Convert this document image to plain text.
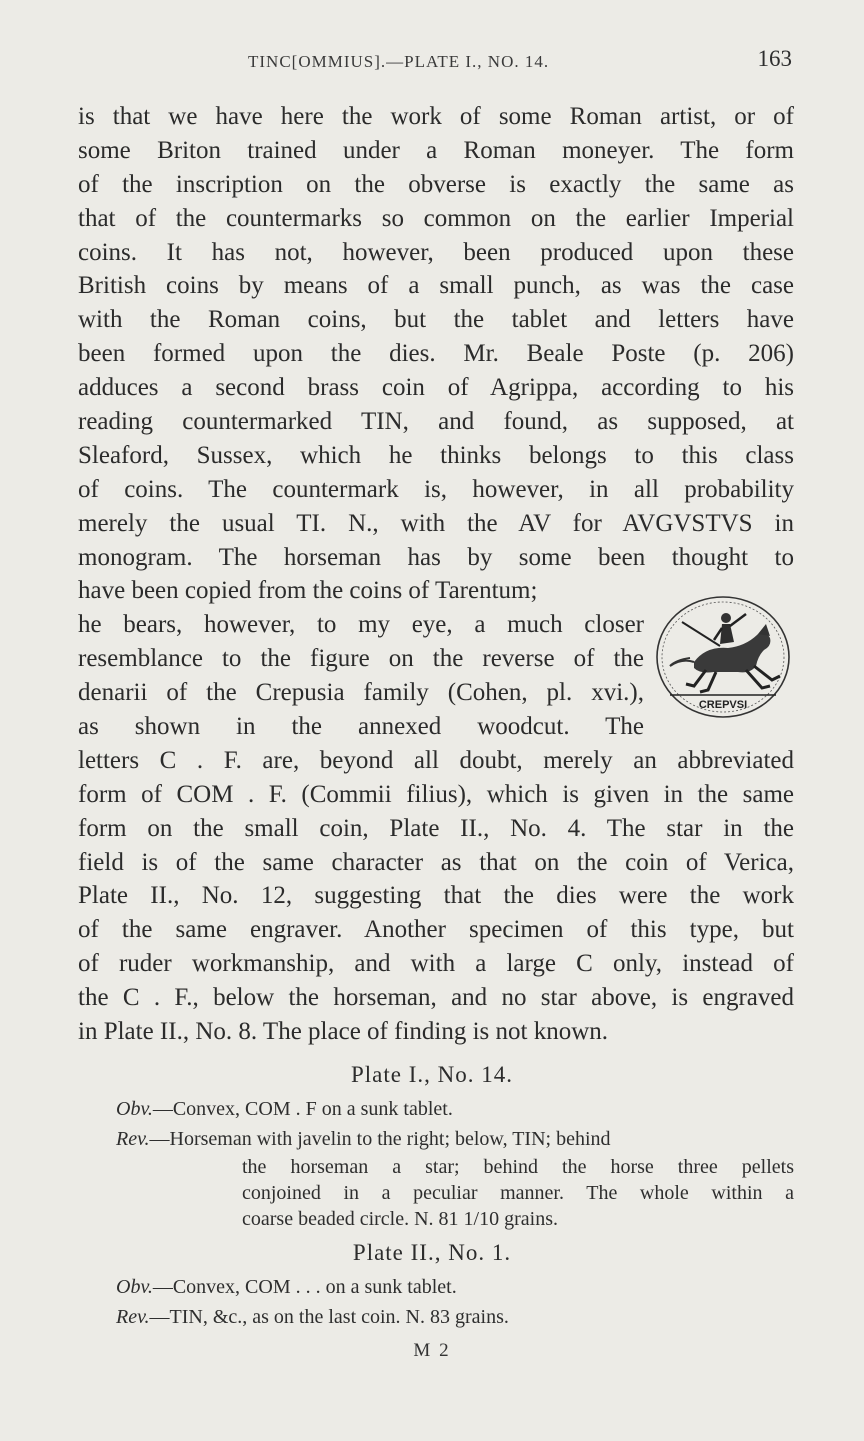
TINC[OMMIUS].—PLATE I., NO. 14.	163
is that we have here the work of some Roman artist, or of
some Briton trained under a Roman moneyer. The form
of the inscription on the obverse is exactly the same as
that of the countermarks so common on the earlier Imperial
coins. It has not, however, been produced upon these
British coins by means of a small punch, as was the case
with the Roman coins, but the tablet and letters have
been formed upon the dies. Mr. Beale Poste (p. 206)
adduces a second brass coin of Agrippa, according to his
reading countermarked TIN, and found, as supposed, at
Sleaford, Sussex, which he thinks belongs to this class
of coins. The countermark is, however, in all probability
merely the usual TI. N., with the AV for AVGVSTVS in
monogram. The horseman has by some been thought to
have been copied from the coins of Tarentum;
he bears, however, to my eye, a much closer
resemblance to the figure on the reverse of the
denarii of the Crepusia family (Cohen, pl. xvi.),
as shown in the annexed woodcut. The
letters C . F. are, beyond all doubt, merely an abbreviated
form of COM . F. (Commii filius), which is given in the same
form on the small coin, Plate II., No. 4. The star in the
field is of the same character as that on the coin of Verica,
Plate II., No. 12, suggesting that the dies were the work
of the same engraver. Another specimen of this type, but
of ruder workmanship, and with a large C only, instead of
the C . F., below the horseman, and no star above, is engraved
in Plate II., No. 8. The place of finding is not known.
CREPVSI
Plate I., No. 14.
Obv.—Convex, COM . F on a sunk tablet.
Rev.—Horseman with javelin to the right; below, TIN; behind
the horseman a star; behind the horse three pellets
conjoined in a peculiar manner. The whole within a
coarse beaded circle. N. 81 1/10 grains.
Plate II., No. 1.
Obv.—Convex, COM . . . on a sunk tablet.
Rev.—TIN, &c., as on the last coin. N. 83 grains.
M 2
